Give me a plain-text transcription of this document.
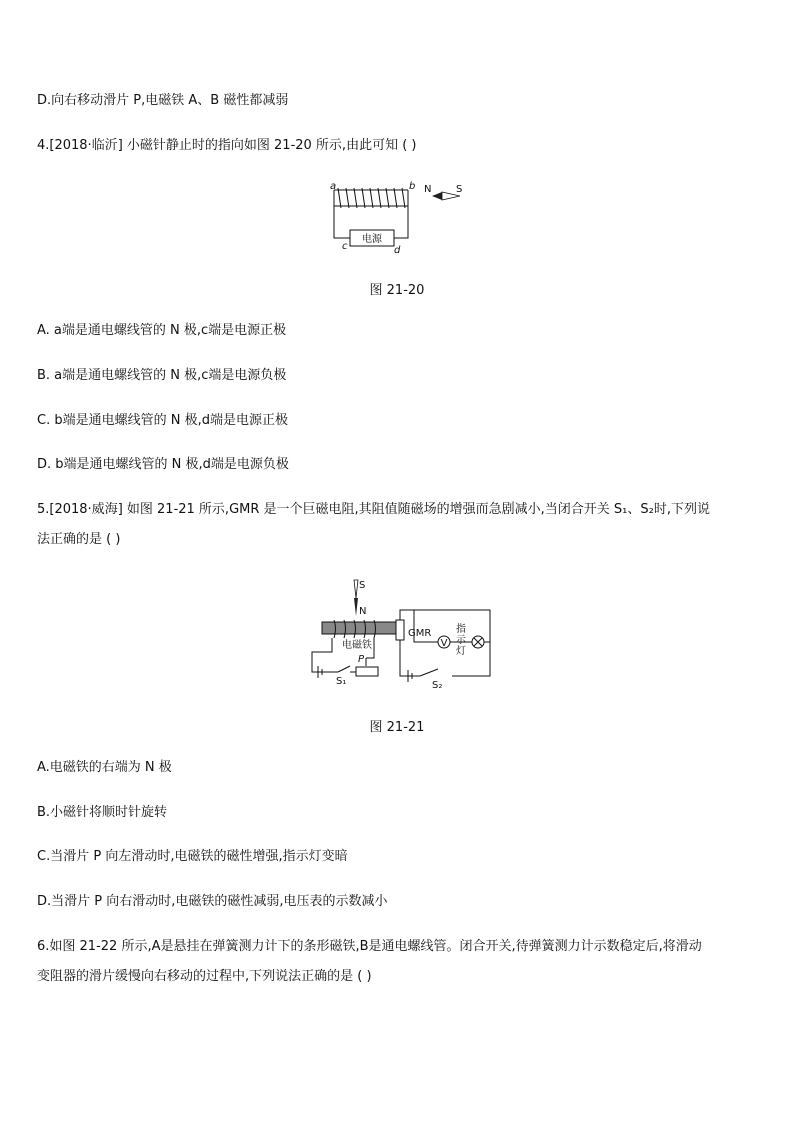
D.向右移动滑片 P,电磁铁 A、B 磁性都减弱
4.[2018·临沂] 小磁针静止时的指向如图 21-20 所示,由此可知 ( )
电源
a	b
c	d
N S
图 21-20
A. a端是通电螺线管的 N 极,c端是电源正极
B. a端是通电螺线管的 N 极,c端是电源负极
C. b端是通电螺线管的 N 极,d端是电源正极
D. b端是通电螺线管的 N 极,d端是电源负极
5.[2018·威海] 如图 21-21 所示,GMR 是一个巨磁电阻,其阻值随磁场的增强而急剧减小,当闭合开关 S₁、S₂时,下列说
法正确的是 ( )
S
N
电磁铁
P
S₁
GMR
S₂
V
指
示
灯
图 21-21
A.电磁铁的右端为 N 极
B.小磁针将顺时针旋转
C.当滑片 P 向左滑动时,电磁铁的磁性增强,指示灯变暗
D.当滑片 P 向右滑动时,电磁铁的磁性减弱,电压表的示数减小
6.如图 21-22 所示,A是悬挂在弹簧测力计下的条形磁铁,B是通电螺线管。闭合开关,待弹簧测力计示数稳定后,将滑动
变阻器的滑片缓慢向右移动的过程中,下列说法正确的是 ( )
